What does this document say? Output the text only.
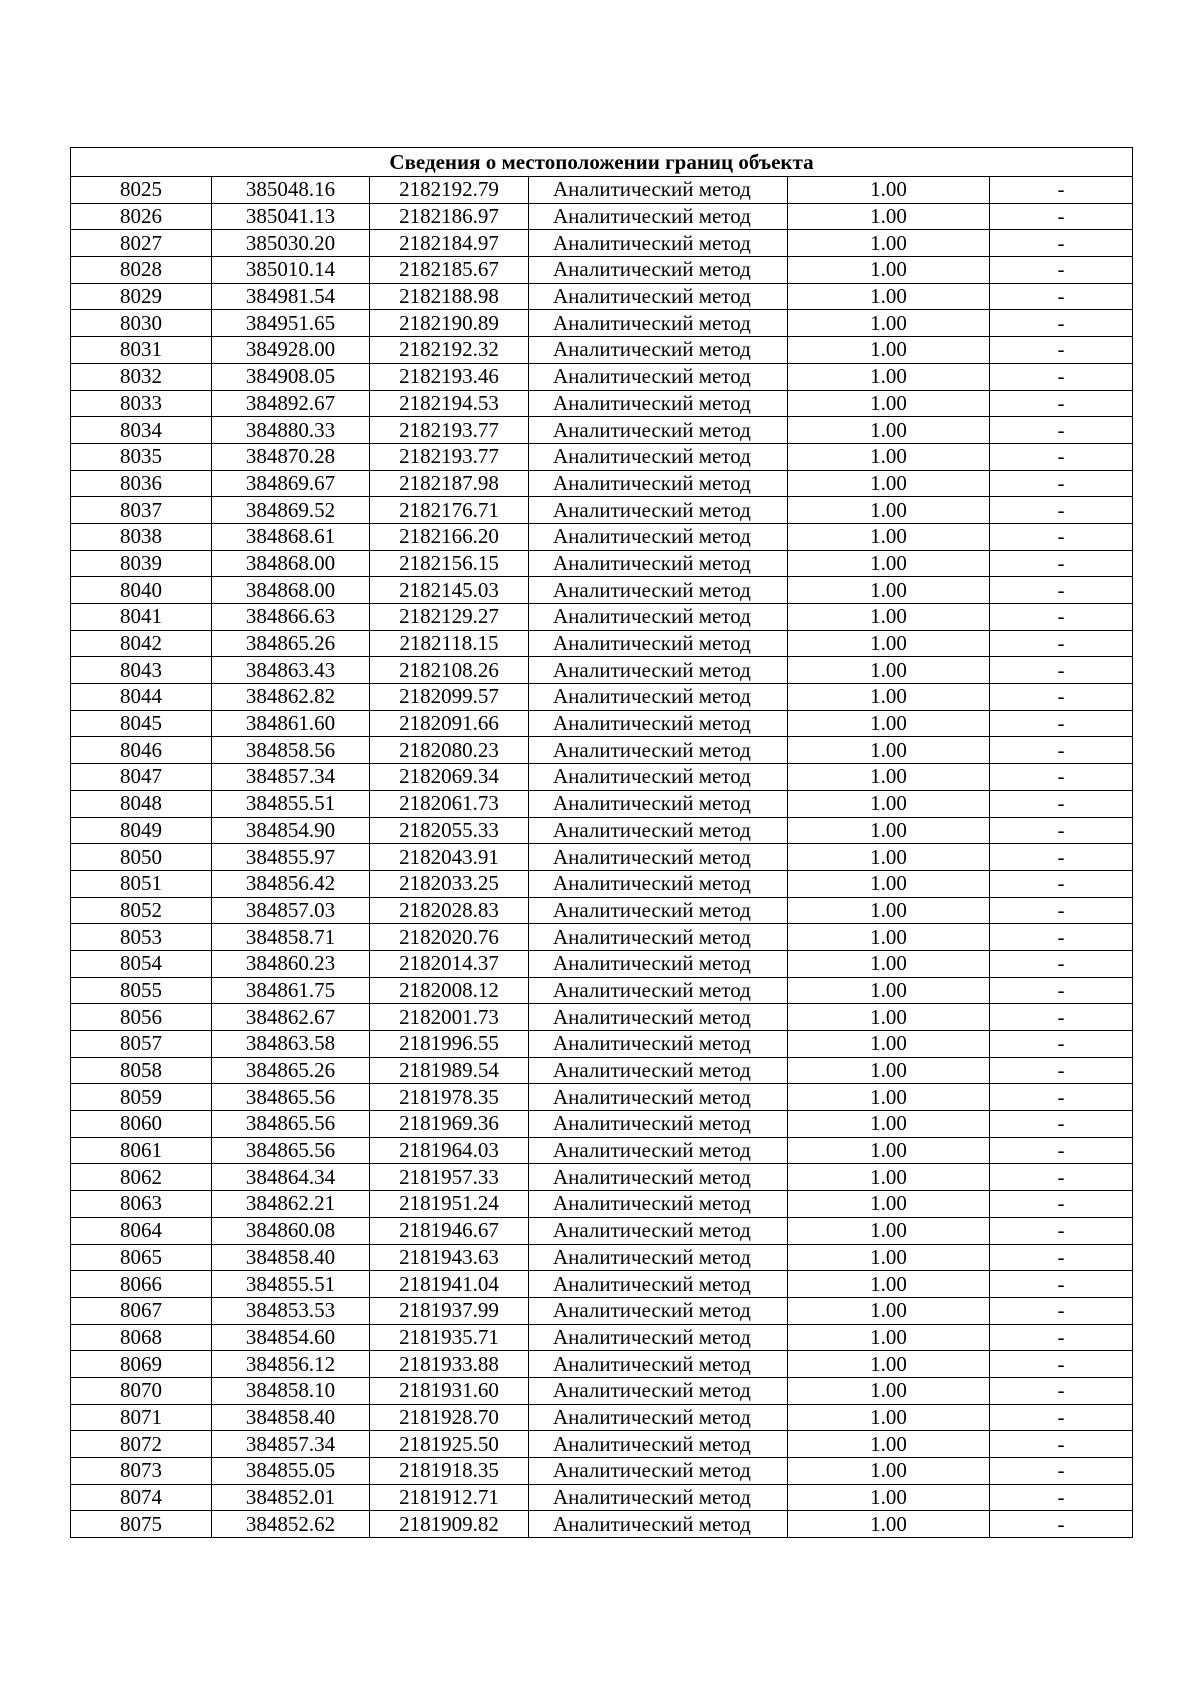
Сведения о местоположении границ объекта					
8025	385048.16	2182192.79	Аналитический метод	1.00	-
8026	385041.13	2182186.97	Аналитический метод	1.00	-
8027	385030.20	2182184.97	Аналитический метод	1.00	-
8028	385010.14	2182185.67	Аналитический метод	1.00	-
8029	384981.54	2182188.98	Аналитический метод	1.00	-
8030	384951.65	2182190.89	Аналитический метод	1.00	-
8031	384928.00	2182192.32	Аналитический метод	1.00	-
8032	384908.05	2182193.46	Аналитический метод	1.00	-
8033	384892.67	2182194.53	Аналитический метод	1.00	-
8034	384880.33	2182193.77	Аналитический метод	1.00	-
8035	384870.28	2182193.77	Аналитический метод	1.00	-
8036	384869.67	2182187.98	Аналитический метод	1.00	-
8037	384869.52	2182176.71	Аналитический метод	1.00	-
8038	384868.61	2182166.20	Аналитический метод	1.00	-
8039	384868.00	2182156.15	Аналитический метод	1.00	-
8040	384868.00	2182145.03	Аналитический метод	1.00	-
8041	384866.63	2182129.27	Аналитический метод	1.00	-
8042	384865.26	2182118.15	Аналитический метод	1.00	-
8043	384863.43	2182108.26	Аналитический метод	1.00	-
8044	384862.82	2182099.57	Аналитический метод	1.00	-
8045	384861.60	2182091.66	Аналитический метод	1.00	-
8046	384858.56	2182080.23	Аналитический метод	1.00	-
8047	384857.34	2182069.34	Аналитический метод	1.00	-
8048	384855.51	2182061.73	Аналитический метод	1.00	-
8049	384854.90	2182055.33	Аналитический метод	1.00	-
8050	384855.97	2182043.91	Аналитический метод	1.00	-
8051	384856.42	2182033.25	Аналитический метод	1.00	-
8052	384857.03	2182028.83	Аналитический метод	1.00	-
8053	384858.71	2182020.76	Аналитический метод	1.00	-
8054	384860.23	2182014.37	Аналитический метод	1.00	-
8055	384861.75	2182008.12	Аналитический метод	1.00	-
8056	384862.67	2182001.73	Аналитический метод	1.00	-
8057	384863.58	2181996.55	Аналитический метод	1.00	-
8058	384865.26	2181989.54	Аналитический метод	1.00	-
8059	384865.56	2181978.35	Аналитический метод	1.00	-
8060	384865.56	2181969.36	Аналитический метод	1.00	-
8061	384865.56	2181964.03	Аналитический метод	1.00	-
8062	384864.34	2181957.33	Аналитический метод	1.00	-
8063	384862.21	2181951.24	Аналитический метод	1.00	-
8064	384860.08	2181946.67	Аналитический метод	1.00	-
8065	384858.40	2181943.63	Аналитический метод	1.00	-
8066	384855.51	2181941.04	Аналитический метод	1.00	-
8067	384853.53	2181937.99	Аналитический метод	1.00	-
8068	384854.60	2181935.71	Аналитический метод	1.00	-
8069	384856.12	2181933.88	Аналитический метод	1.00	-
8070	384858.10	2181931.60	Аналитический метод	1.00	-
8071	384858.40	2181928.70	Аналитический метод	1.00	-
8072	384857.34	2181925.50	Аналитический метод	1.00	-
8073	384855.05	2181918.35	Аналитический метод	1.00	-
8074	384852.01	2181912.71	Аналитический метод	1.00	-
8075	384852.62	2181909.82	Аналитический метод	1.00	-
